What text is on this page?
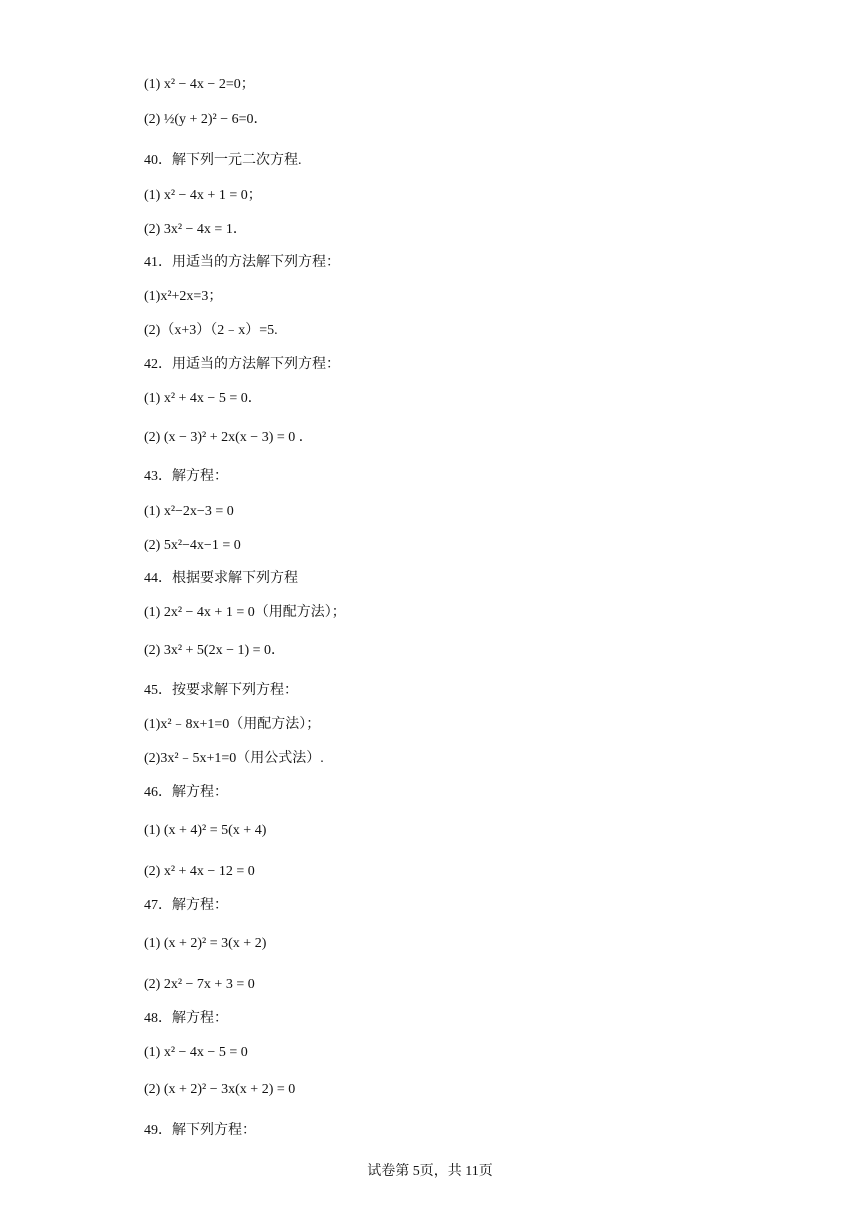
(1) x² − 4x − 2=0；
(2) ½(y + 2)² − 6=0．
40．解下列一元二次方程.
(1) x² − 4x + 1 = 0；
(2) 3x² − 4x = 1．
41．用适当的方法解下列方程：
(1)x²+2x=3；
(2)（x+3）（2﹣x）=5.
42．用适当的方法解下列方程：
(1) x² + 4x − 5 = 0．
(2) (x − 3)² + 2x(x − 3) = 0 ．
43．解方程：
(1) x²−2x−3 = 0
(2) 5x²−4x−1 = 0
44．根据要求解下列方程
(1) 2x² − 4x + 1 = 0（用配方法）；
(2) 3x² + 5(2x − 1) = 0．
45．按要求解下列方程：
(1)x²﹣8x+1=0（用配方法）；
(2)3x²﹣5x+1=0（用公式法）.
46．解方程：
(1) (x + 4)² = 5(x + 4)
(2) x² + 4x − 12 = 0
47．解方程：
(1) (x + 2)² = 3(x + 2)
(2) 2x² − 7x + 3 = 0
48．解方程：
(1) x² − 4x − 5 = 0
(2) (x + 2)² − 3x(x + 2) = 0
49．解下列方程：
试卷第 5页，共 11页
